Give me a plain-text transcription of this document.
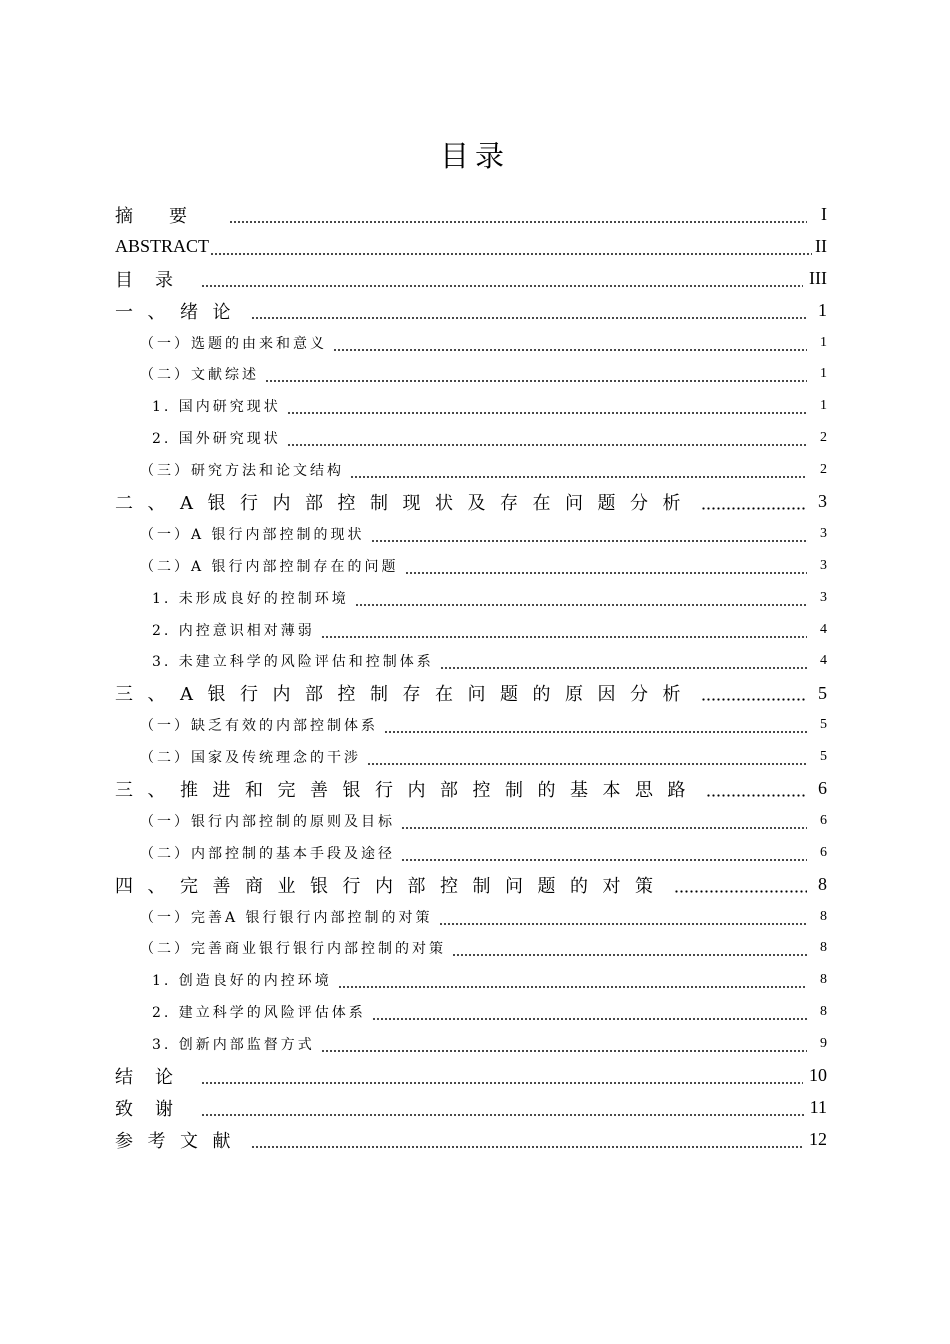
目录
摘要	I
ABSTRACT	II
目录	III
一、绪论	1
（一）选题的由来和意义	1
（二）文献综述	1
1. 国内研究现状	1
2. 国外研究现状	2
（三）研究方法和论文结构	2
二、A银行内部控制现状及存在问题分析	3
（一）A 银行内部控制的现状	3
（二）A 银行内部控制存在的问题	3
1. 未形成良好的控制环境	3
2. 内控意识相对薄弱	4
3. 未建立科学的风险评估和控制体系	4
三、A银行内部控制存在问题的原因分析	5
（一）缺乏有效的内部控制体系	5
（二）国家及传统理念的干涉	5
三、推进和完善银行内部控制的基本思路	6
（一）银行内部控制的原则及目标	6
（二）内部控制的基本手段及途径	6
四、完善商业银行内部控制问题的对策	8
（一）完善A 银行银行内部控制的对策	8
（二）完善商业银行银行内部控制的对策	8
1. 创造良好的内控环境	8
2. 建立科学的风险评估体系	8
3. 创新内部监督方式	9
结论	10
致谢	11
参考文献	12
